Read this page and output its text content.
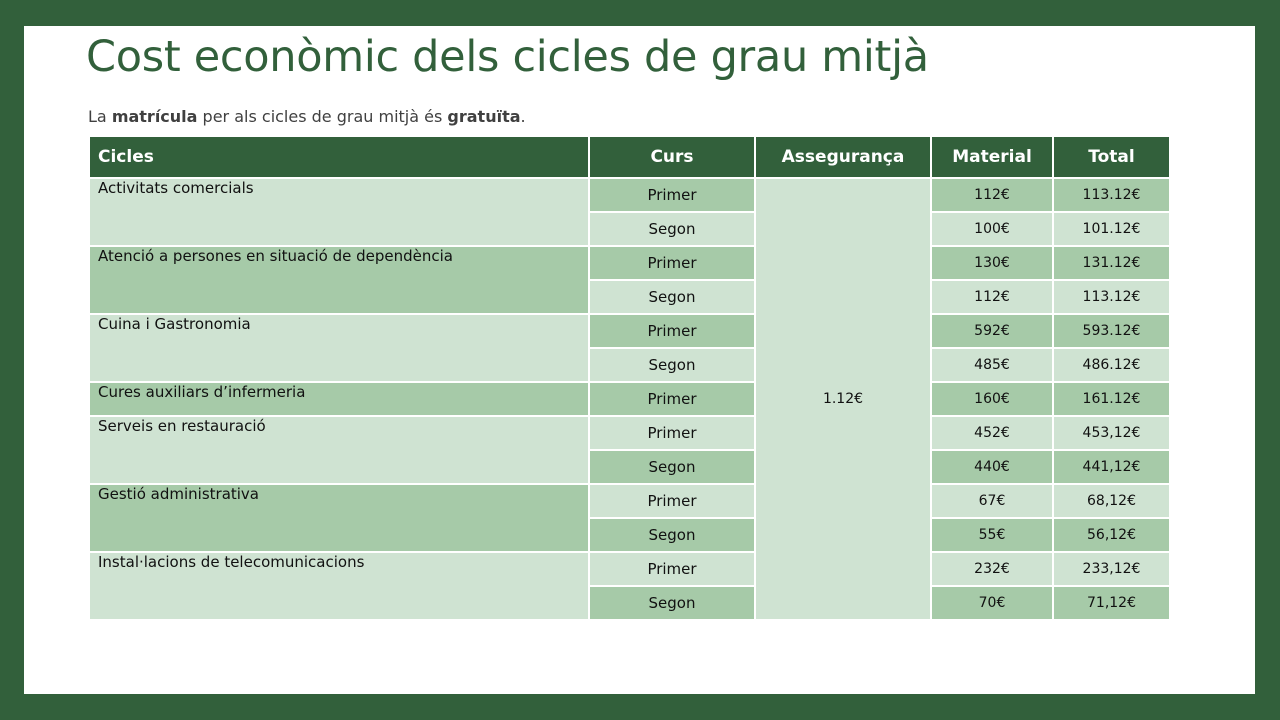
Cost econòmic dels cicles de grau mitjà
La matrícula per als cicles de grau mitjà és gratuïta.
Cicles	Curs	Assegurança	Material	Total
Activitats comercials	Primer	1.12€	112€	113.12€
	Segon		100€	101.12€
Atenció a persones en situació de dependència	Primer		130€	131.12€
	Segon		112€	113.12€
Cuina i Gastronomia	Primer		592€	593.12€
	Segon		485€	486.12€
Cures auxiliars d’infermeria	Primer		160€	161.12€
Serveis en restauració	Primer		452€	453,12€
	Segon		440€	441,12€
Gestió administrativa	Primer		67€	68,12€
	Segon		55€	56,12€
Instal·lacions de telecomunicacions	Primer		232€	233,12€
	Segon		70€	71,12€
